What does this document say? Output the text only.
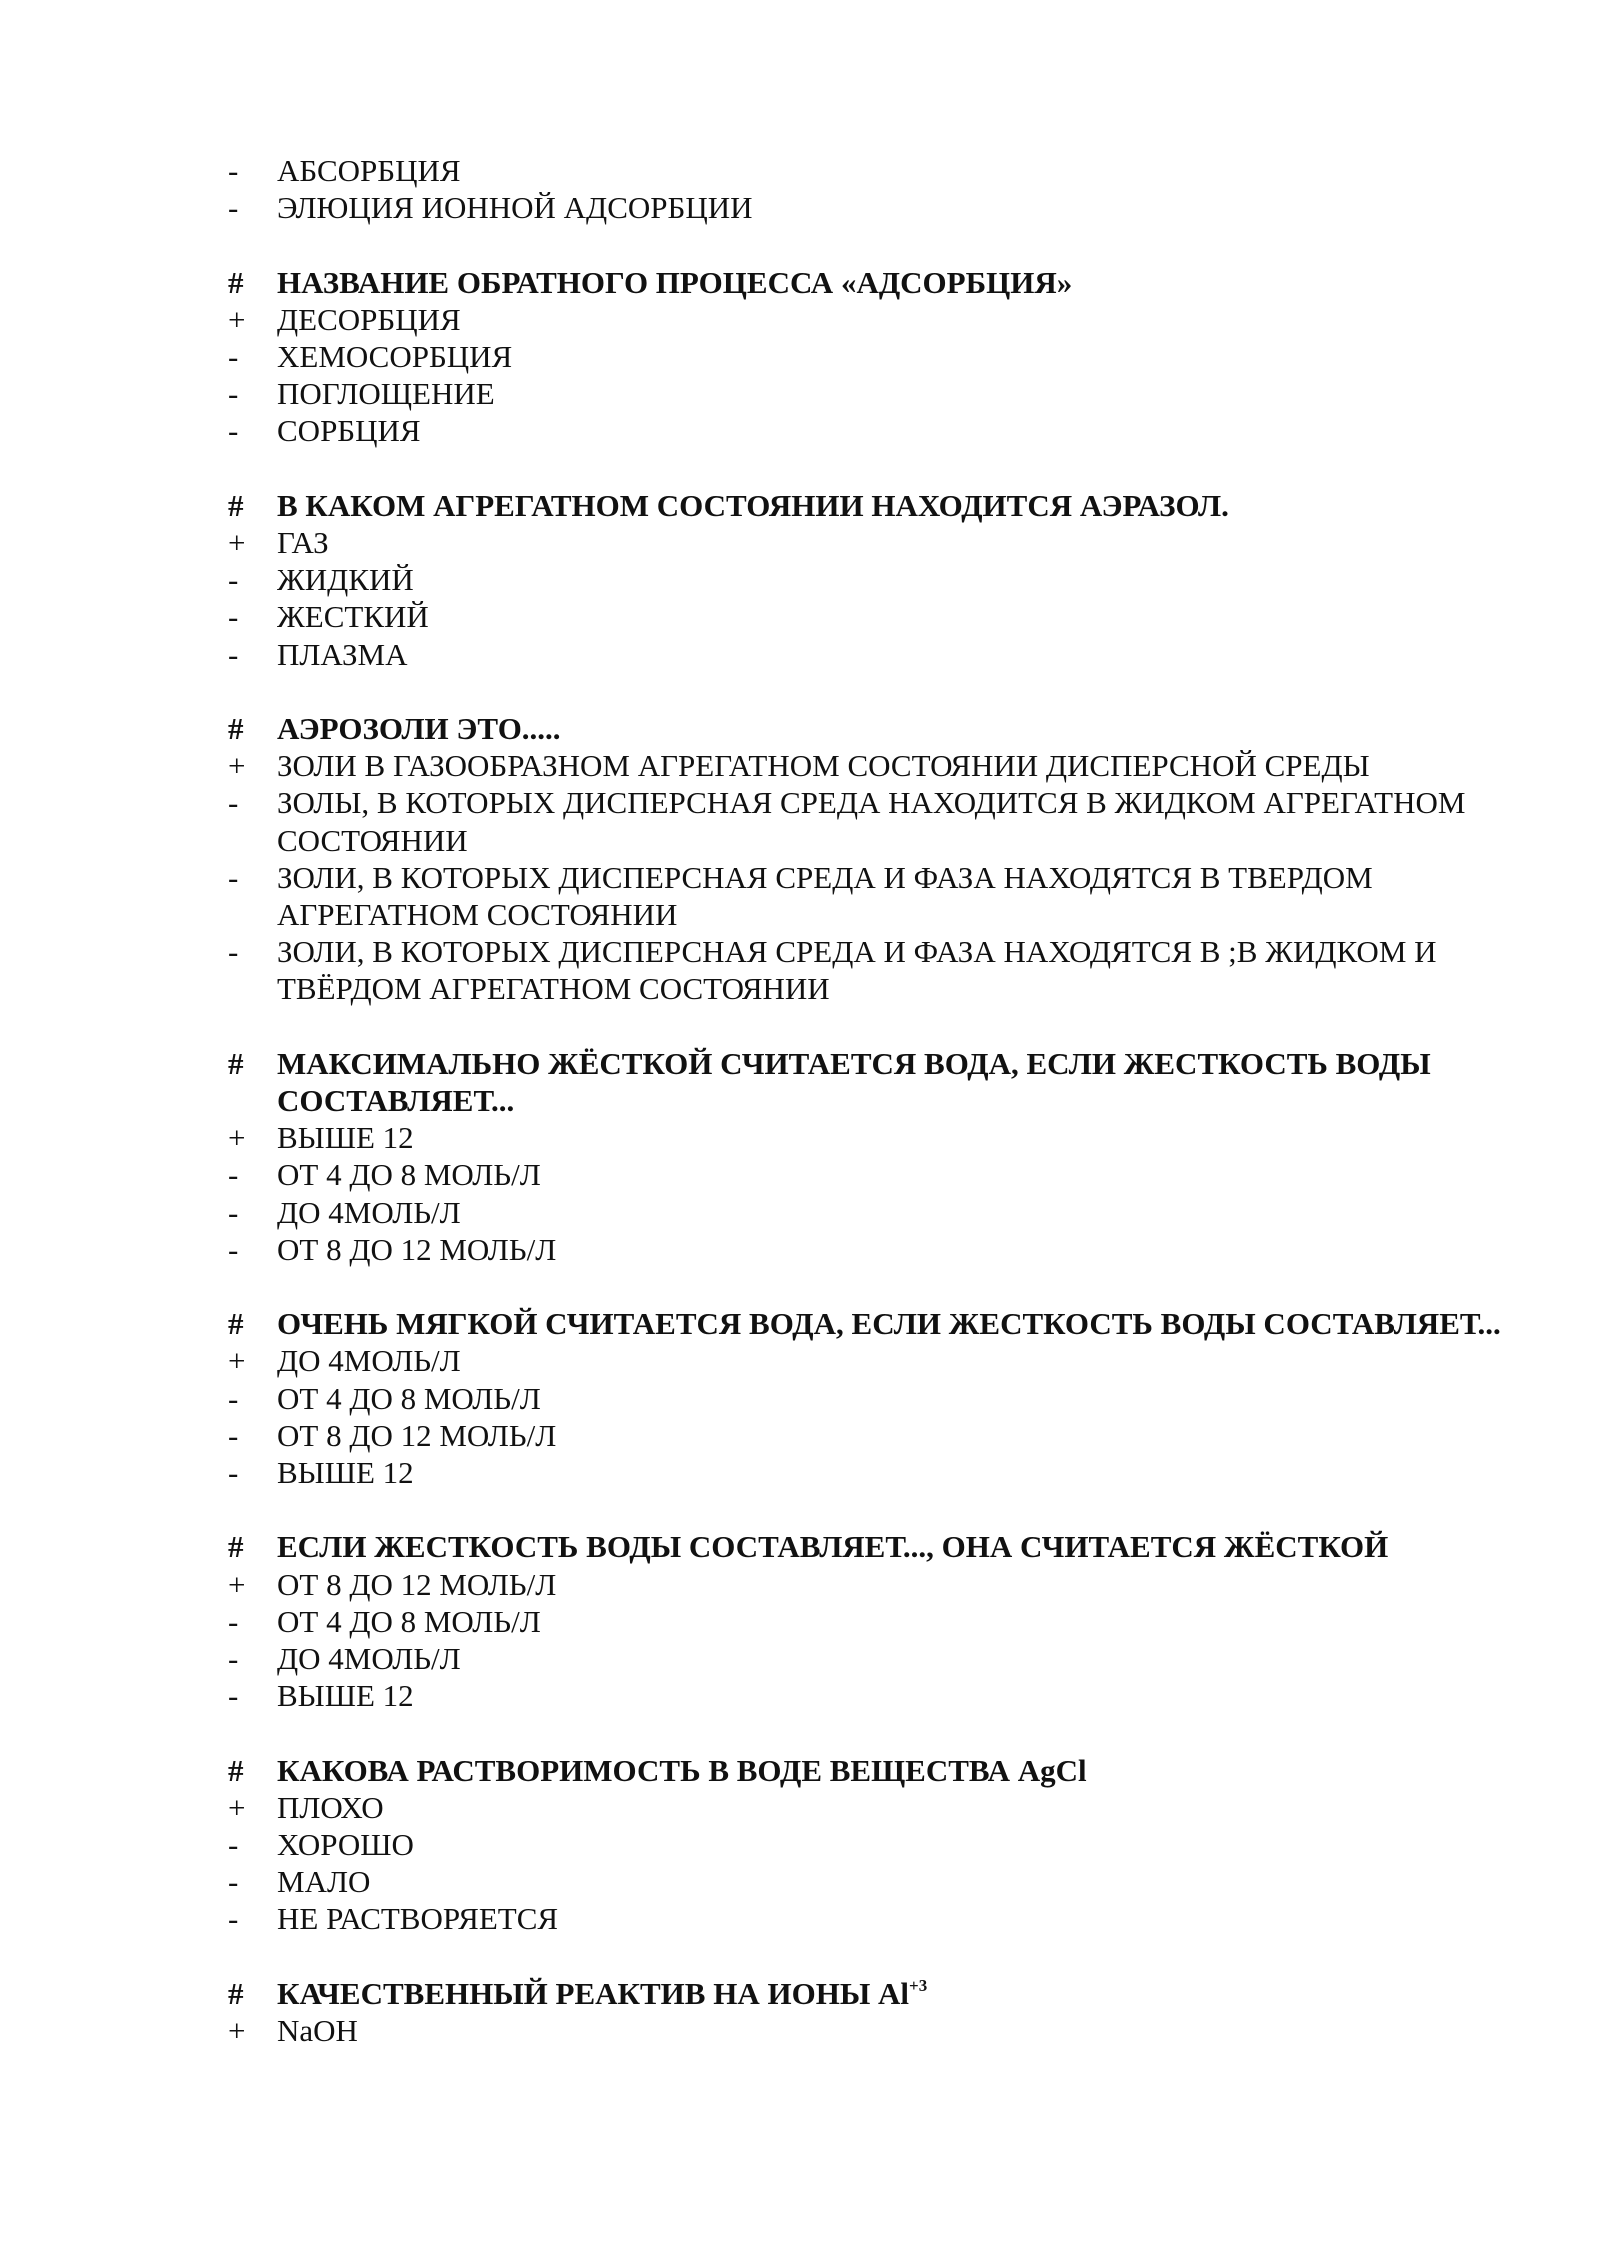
-	АБСОРБЦИЯ
-	ЭЛЮЦИЯ ИОННОЙ АДСОРБЦИИ
#	НАЗВАНИЕ ОБРАТНОГО ПРОЦЕССА «АДСОРБЦИЯ»
+	ДЕСОРБЦИЯ
-	ХЕМОСОРБЦИЯ
-	ПОГЛОЩЕНИЕ
-	СОРБЦИЯ
#	В КАКОМ АГРЕГАТНОМ СОСТОЯНИИ НАХОДИТСЯ АЭРАЗОЛ.
+	ГАЗ
-	ЖИДКИЙ
-	ЖЕСТКИЙ
-	ПЛАЗМА
#	АЭРОЗОЛИ ЭТО.....
+	ЗОЛИ В ГАЗООБРАЗНОМ АГРЕГАТНОМ СОСТОЯНИИ ДИСПЕРСНОЙ СРЕДЫ
-	ЗОЛЫ, В КОТОРЫХ ДИСПЕРСНАЯ СРЕДА НАХОДИТСЯ В ЖИДКОМ АГРЕГАТНОМ СОСТОЯНИИ
-	ЗОЛИ, В КОТОРЫХ ДИСПЕРСНАЯ СРЕДА И ФАЗА НАХОДЯТСЯ В ТВЕРДОМ АГРЕГАТНОМ СОСТОЯНИИ
-	ЗОЛИ, В КОТОРЫХ ДИСПЕРСНАЯ СРЕДА И ФАЗА НАХОДЯТСЯ В ;В ЖИДКОМ И ТВЁРДОМ АГРЕГАТНОМ СОСТОЯНИИ
#	МАКСИМАЛЬНО ЖЁСТКОЙ СЧИТАЕТСЯ ВОДА, ЕСЛИ ЖЕСТКОСТЬ ВОДЫ СОСТАВЛЯЕТ...
+	ВЫШЕ 12
-	ОТ 4 ДО 8 МОЛЬ/Л
-	ДО 4МОЛЬ/Л
-	ОТ 8 ДО 12 МОЛЬ/Л
#	ОЧЕНЬ МЯГКОЙ СЧИТАЕТСЯ ВОДА, ЕСЛИ ЖЕСТКОСТЬ ВОДЫ СОСТАВЛЯЕТ...
+	ДО 4МОЛЬ/Л
-	ОТ 4 ДО 8 МОЛЬ/Л
-	ОТ 8 ДО 12 МОЛЬ/Л
-	ВЫШЕ 12
#	ЕСЛИ ЖЕСТКОСТЬ ВОДЫ СОСТАВЛЯЕТ..., ОНА СЧИТАЕТСЯ ЖЁСТКОЙ
+	ОТ 8 ДО 12 МОЛЬ/Л
-	ОТ 4 ДО 8 МОЛЬ/Л
-	ДО 4МОЛЬ/Л
-	ВЫШЕ 12
#	КАКОВА РАСТВОРИМОСТЬ В ВОДЕ ВЕЩЕСТВА AgCl
+	ПЛОХО
-	ХОРОШО
-	МАЛО
-	НЕ РАСТВОРЯЕТСЯ
#	КАЧЕСТВЕННЫЙ РЕАКТИВ НА ИОНЫ $Al^{+3}$
+	NaOH
